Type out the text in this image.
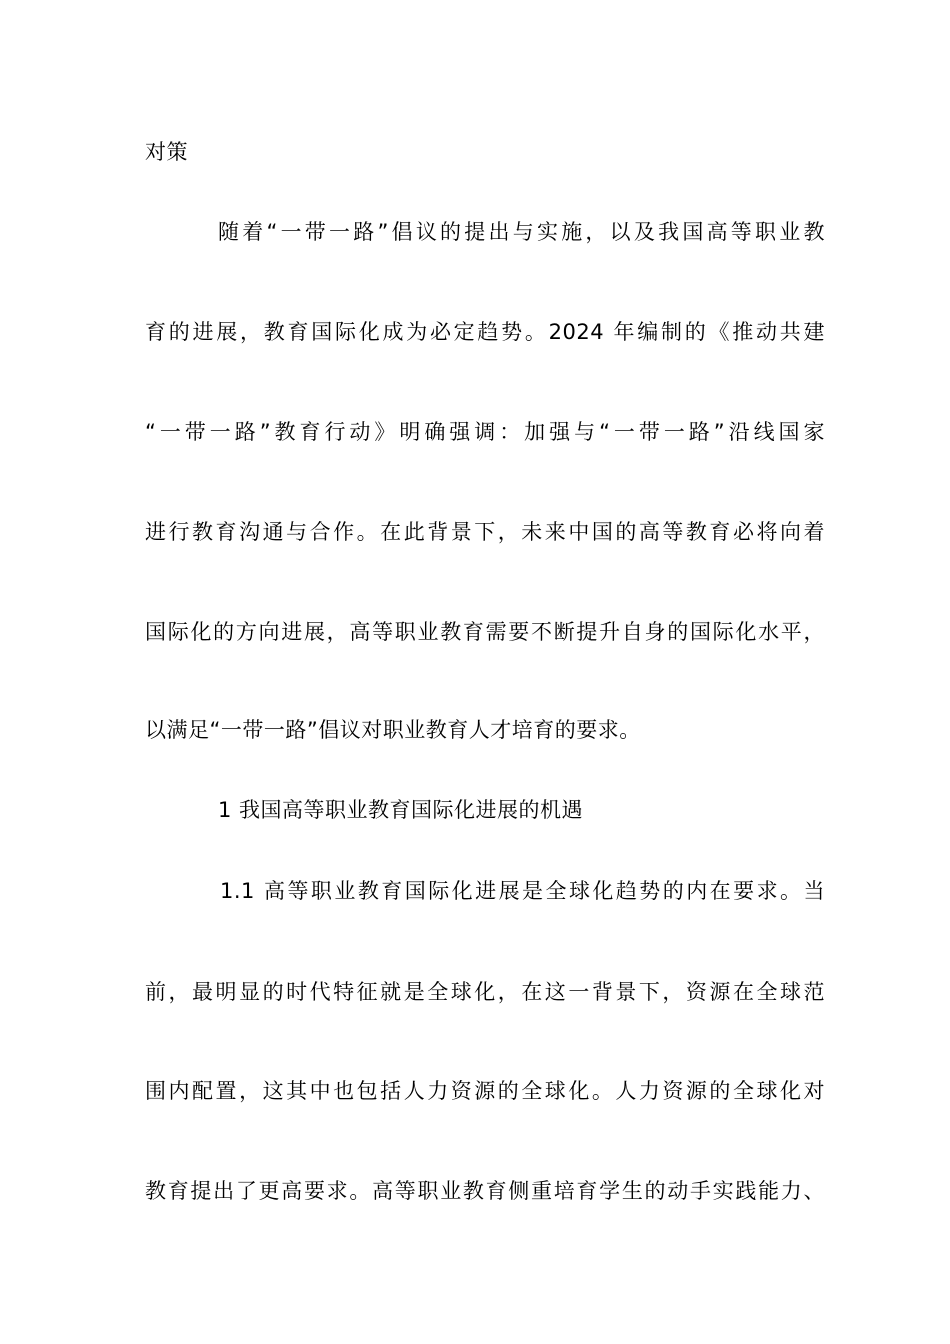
对策
随着“一带一路”倡议的提出与实施，以及我国高等职业教
育的进展，教育国际化成为必定趋势。2024 年编制的《推动共建
“一带一路”教育行动》明确强调：加强与“一带一路”沿线国家
进行教育沟通与合作。在此背景下，未来中国的高等教育必将向着
国际化的方向进展，高等职业教育需要不断提升自身的国际化水平，
以满足“一带一路”倡议对职业教育人才培育的要求。
1 我国高等职业教育国际化进展的机遇
1.1 高等职业教育国际化进展是全球化趋势的内在要求。当
前，最明显的时代特征就是全球化，在这一背景下，资源在全球范
围内配置，这其中也包括人力资源的全球化。人力资源的全球化对
教育提出了更高要求。高等职业教育侧重培育学生的动手实践能力、
